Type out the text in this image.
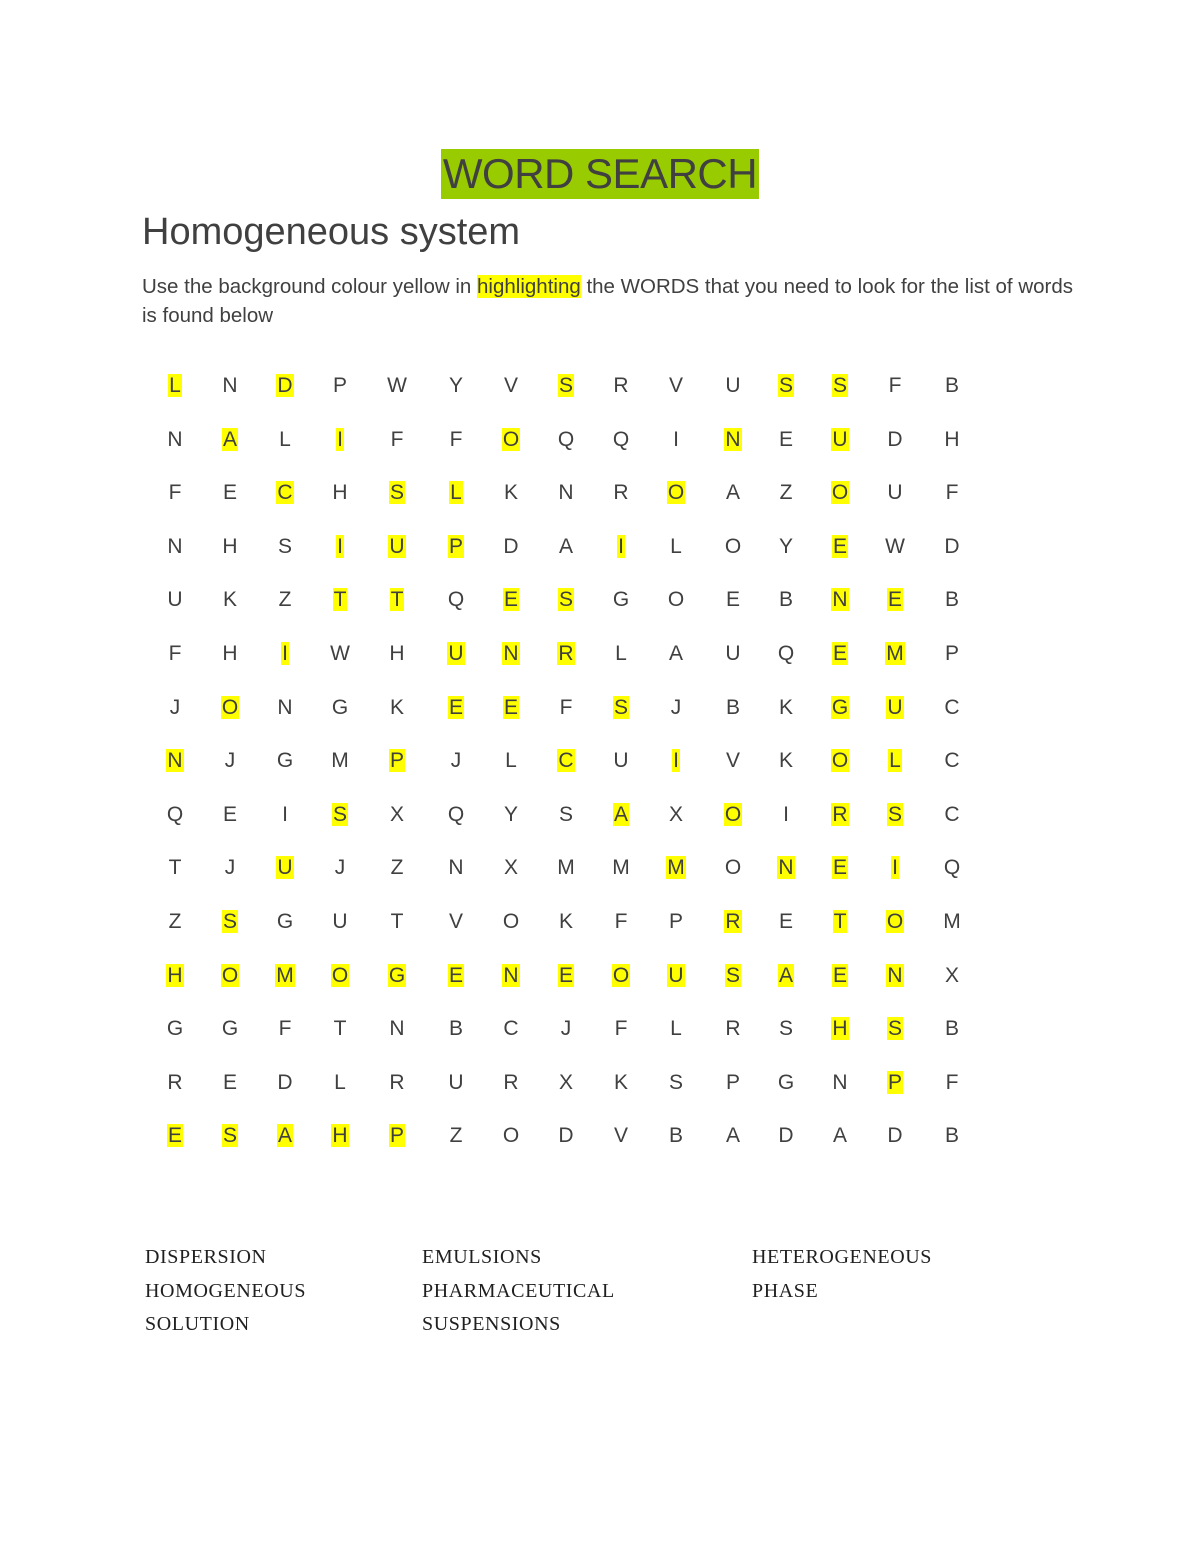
WORD SEARCH
Homogeneous system
Use the background colour yellow in highlighting the WORDS that you need to look for the list of words is found below
L	N	D	P	W	Y	V	S	R	V	U	S	S	F	B
N	A	L	I	F	F	O	Q	Q	I	N	E	U	D	H
F	E	C	H	S	L	K	N	R	O	A	Z	O	U	F
N	H	S	I	U	P	D	A	I	L	O	Y	E	W	D
U	K	Z	T	T	Q	E	S	G	O	E	B	N	E	B
F	H	I	W	H	U	N	R	L	A	U	Q	E	M	P
J	O	N	G	K	E	E	F	S	J	B	K	G	U	C
N	J	G	M	P	J	L	C	U	I	V	K	O	L	C
Q	E	I	S	X	Q	Y	S	A	X	O	I	R	S	C
T	J	U	J	Z	N	X	M	M	M	O	N	E	I	Q
Z	S	G	U	T	V	O	K	F	P	R	E	T	O	M
H	O	M	O	G	E	N	E	O	U	S	A	E	N	X
G	G	F	T	N	B	C	J	F	L	R	S	H	S	B
R	E	D	L	R	U	R	X	K	S	P	G	N	P	F
E	S	A	H	P	Z	O	D	V	B	A	D	A	D	B
DISPERSION	EMULSIONS	HETEROGENEOUS
HOMOGENEOUS	PHARMACEUTICAL	PHASE
SOLUTION	SUSPENSIONS
